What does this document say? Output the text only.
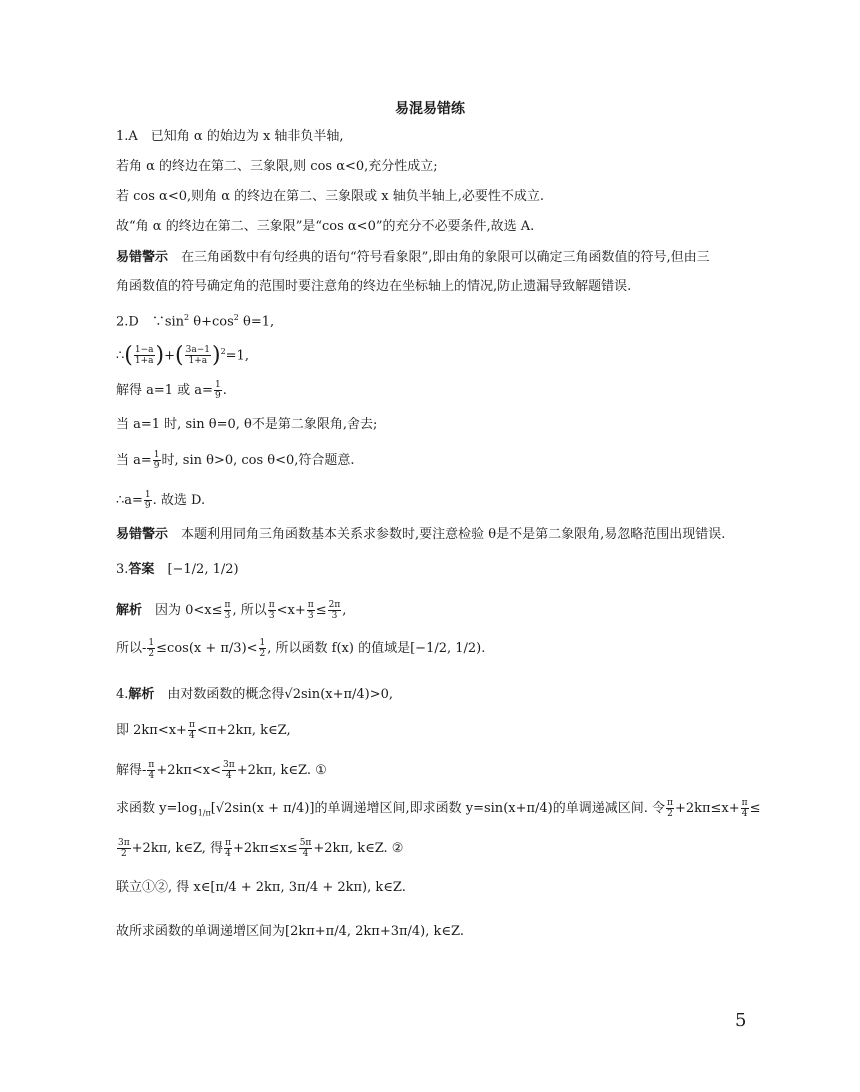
易混易错练
1.A　已知角 α 的始边为 x 轴非负半轴,
若角 α 的终边在第二、三象限,则 cos α<0,充分性成立;
若 cos α<0,则角 α 的终边在第二、三象限或 x 轴负半轴上,必要性不成立.
故“角 α 的终边在第二、三象限”是“cos α<0”的充分不必要条件,故选 A.
易错警示　在三角函数中有句经典的语句“符号看象限”,即由角的象限可以确定三角函数值的符号,但由三
角函数值的符号确定角的范围时要注意角的终边在坐标轴上的情况,防止遗漏导致解题错误.
2.D　$\because\sin^2$ $\theta+\cos^2$ θ=1,
∴( $\frac{1-a}{1+a}$ )+( $\frac{3a-1}{1+a} )^2=1$,
解得 a=1 或 $a= \frac{1}{9}$ .
当 a=1 时, sin θ=0, θ不是第二象限角,舍去;
当 $a= \frac{1}{9}$ 时, sin θ>0, cos θ<0,符合题意.
∴a= $\frac{1}{9}$ . 故选 D.
易错警示　本题利用同角三角函数基本关系求参数时,要注意检验 θ是不是第二象限角,易忽略范围出现错误.
3.答案　 [−1/2, 1/2)
解析　因为 $0<x\le \frac{\pi}{3}$ , 所以 $\frac{\pi}{3} <x+ \frac{\pi}{3} \le \frac{2\pi}{3}$ ,
所以- $\frac{1}{2} \le\cos(x + \pi/3)< \frac{1}{2}$ , 所以函数 f(x) 的值域是[−1/2, 1/2).
4.解析　由对数函数的概念得√2sin(x+π/4)>0,
即 $2k\pi<x+ \frac{\pi}{4} <\pi+2k\pi$, k∈Z,
解得- $\frac{\pi}{4} +2k\pi<x< \frac{3\pi}{4} +2k\pi$, k∈Z. ①
求函数 $y=\log_{1/\pi}[√2\sin(x + \pi/4)]$的单调递增区间,即求函数 y=sin(x+π/4)的单调递减区间. 令 $\frac{\pi}{2} +2k\pi\le x+ \frac{\pi}{4}$ ≤
$\frac{3\pi}{2} +2k\pi$, k∈Z, 得 $\frac{\pi}{4} +2k\pi\le x\le \frac{5\pi}{4} +2k\pi$, k∈Z. ②
联立①②, 得 x∈[π/4 + 2kπ, 3π/4 + 2kπ), k∈Z.
故所求函数的单调递增区间为[2kπ+π/4, 2kπ+3π/4), k∈Z.
5
